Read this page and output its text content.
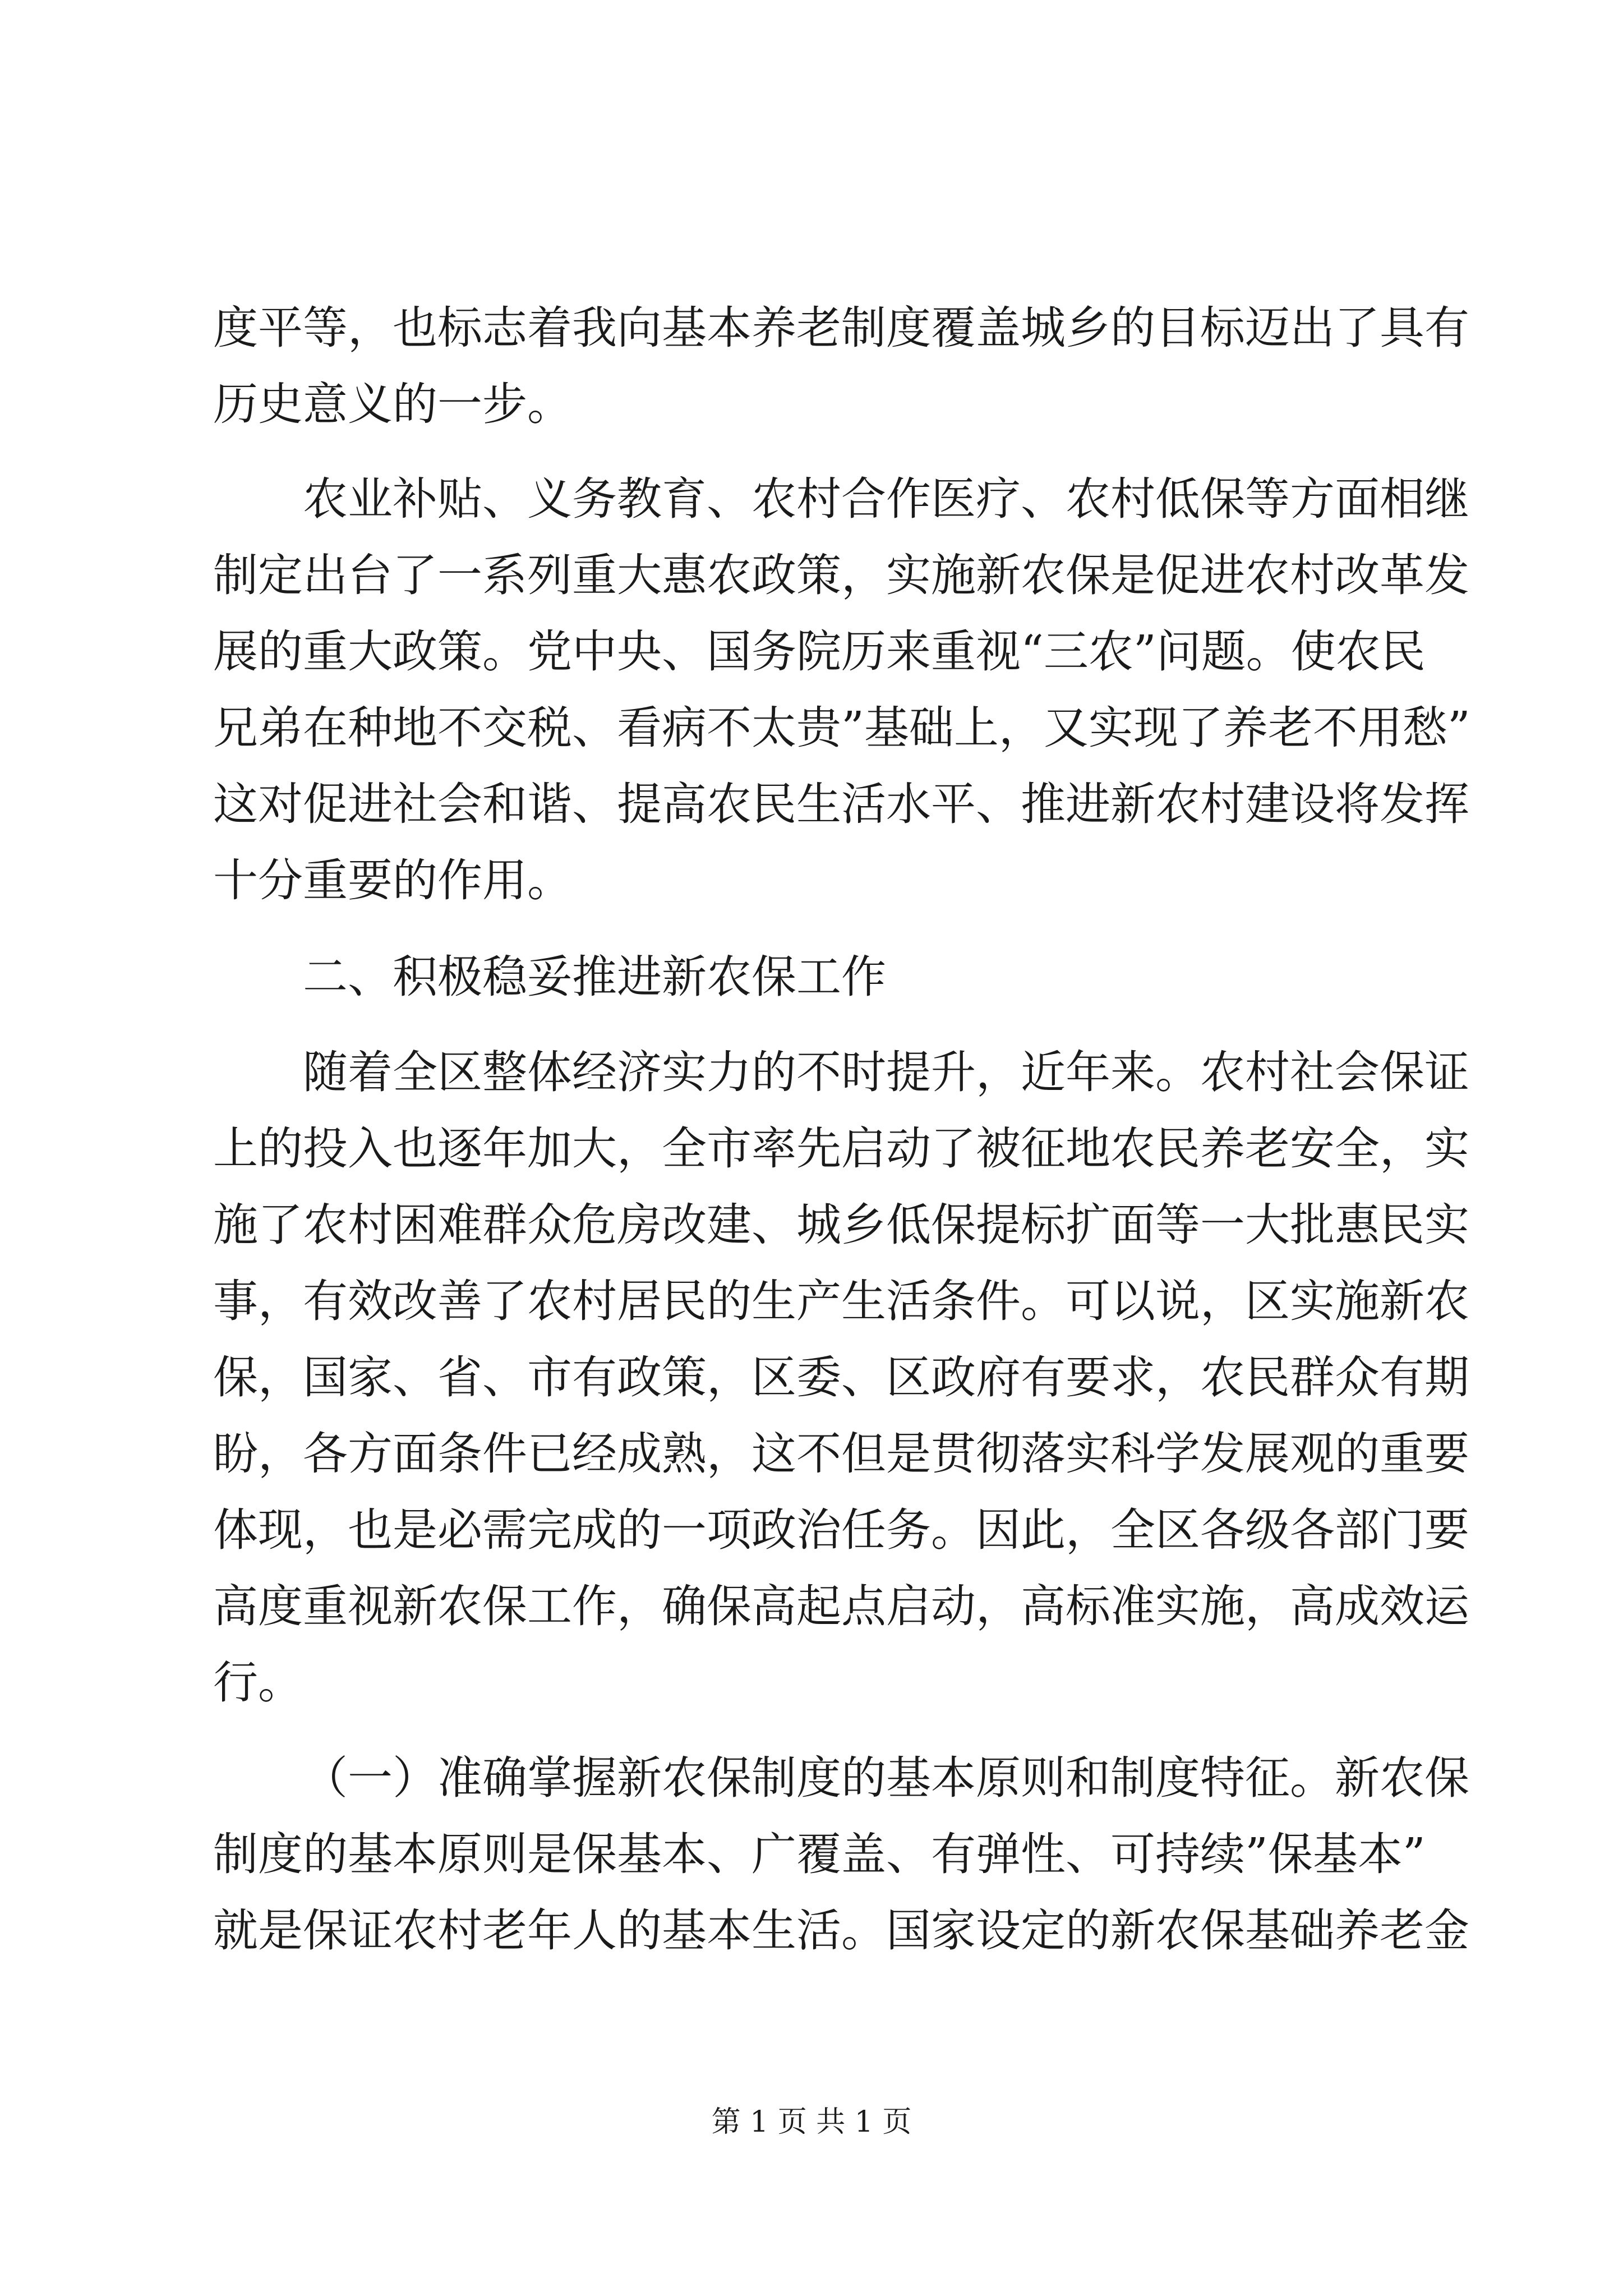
度平等，也标志着我向基本养老制度覆盖城乡的目标迈出了具有
历史意义的一步。
农业补贴、义务教育、农村合作医疗、农村低保等方面相继
制定出台了一系列重大惠农政策，实施新农保是促进农村改革发
展的重大政策。党中央、国务院历来重视“三农”问题。使农民
兄弟在种地不交税、看病不太贵”基础上，又实现了养老不用愁”
这对促进社会和谐、提高农民生活水平、推进新农村建设将发挥
十分重要的作用。
二、积极稳妥推进新农保工作
随着全区整体经济实力的不时提升，近年来。农村社会保证
上的投入也逐年加大，全市率先启动了被征地农民养老安全，实
施了农村困难群众危房改建、城乡低保提标扩面等一大批惠民实
事，有效改善了农村居民的生产生活条件。可以说，区实施新农
保，国家、省、市有政策，区委、区政府有要求，农民群众有期
盼，各方面条件已经成熟，这不但是贯彻落实科学发展观的重要
体现，也是必需完成的一项政治任务。因此，全区各级各部门要
高度重视新农保工作，确保高起点启动，高标准实施，高成效运
行。
（一）准确掌握新农保制度的基本原则和制度特征。新农保
制度的基本原则是保基本、广覆盖、有弹性、可持续”保基本”
就是保证农村老年人的基本生活。国家设定的新农保基础养老金
第 1 页 共 1 页
